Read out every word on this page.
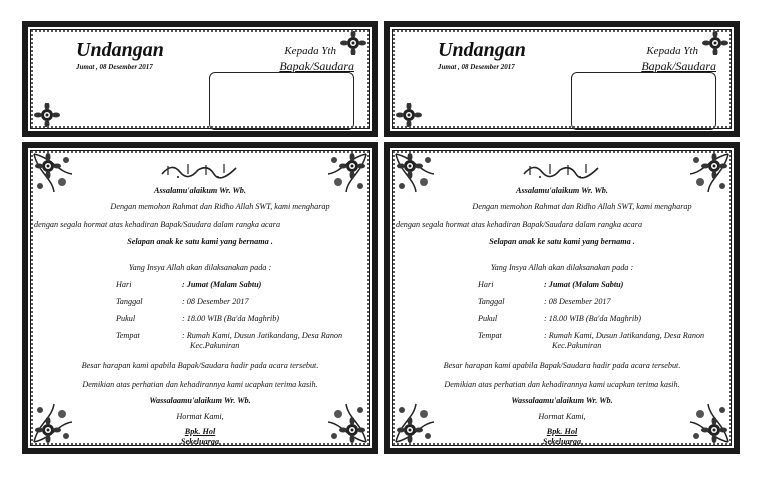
Undangan
Jumat , 08 Desember 2017
Kepada Yth
Bapak/Saudara
Undangan
Jumat , 08 Desember 2017
Kepada Yth
Bapak/Saudara
Assalamu'alaikum Wr. Wb.
Dengan memohon Rahmat dan Ridho Allah SWT, kami mengharap
dengan segala hormat atas kehadiran Bapak/Saudara dalam rangka acara
Selapan anak ke satu kami yang bernama .
Yang Insya Allah akan dilaksanakan pada :
Hari	: Jumat (Malam Sabtu)
Tanggal	: 08 Desember 2017
Pukul	: 18.00 WIB (Ba'da Maghrib)
Tempat	: Rumah Kami, Dusun Jatikandang, Desa Ranon
Kec.Pakuniran
Besar harapan kami apabila Bapak/Saudara hadir pada acara tersebut.
Demikian atas perhatian dan kehadirannya kami ucapkan terima kasih.
Wassalaamu'alaikum Wr. Wb.
Hormat Kami,
Bpk. Hol
Sekeluarga
Assalamu'alaikum Wr. Wb.
Dengan memohon Rahmat dan Ridho Allah SWT, kami mengharap
dengan segala hormat atas kehadiran Bapak/Saudara dalam rangka acara
Selapan anak ke satu kami yang bernama .
Yang Insya Allah akan dilaksanakan pada :
Hari	: Jumat (Malam Sabtu)
Tanggal	: 08 Desember 2017
Pukul	: 18.00 WIB (Ba'da Maghrib)
Tempat	: Rumah Kami, Dusun Jatikandang, Desa Ranon
Kec.Pakuniran
Besar harapan kami apabila Bapak/Saudara hadir pada acara tersebut.
Demikian atas perhatian dan kehadirannya kami ucapkan terima kasih.
Wassalaamu'alaikum Wr. Wb.
Hormat Kami,
Bpk. Hol
Sekeluarga
